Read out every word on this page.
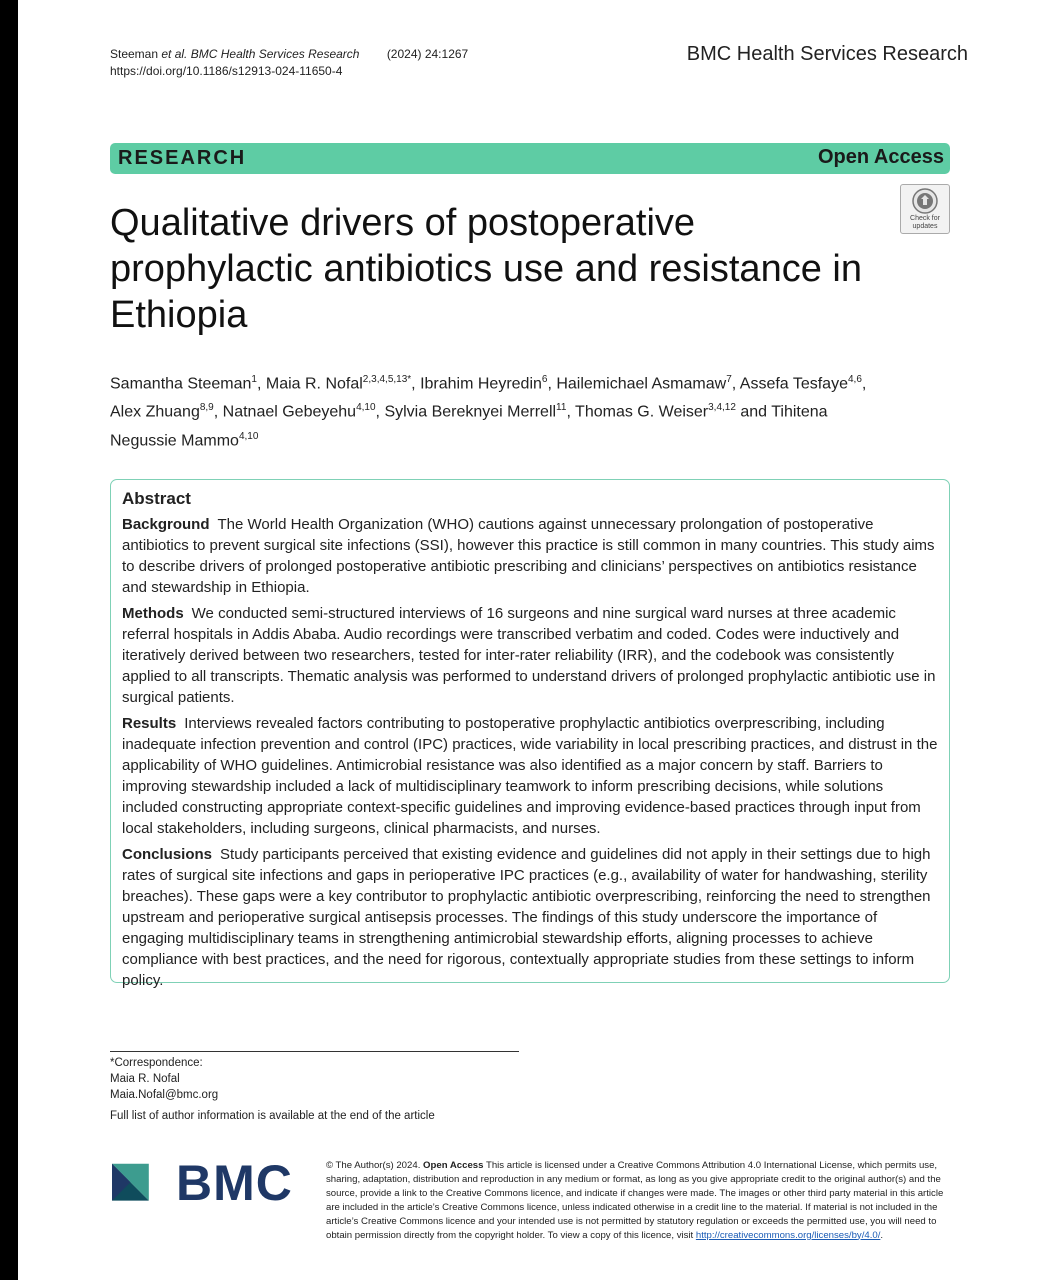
Steeman et al. BMC Health Services Research (2024) 24:1267
https://doi.org/10.1186/s12913-024-11650-4
BMC Health Services Research
RESEARCH	Open Access
Check for updates
Qualitative drivers of postoperative prophylactic antibiotics use and resistance in Ethiopia
Samantha Steeman$^1$, Maia R. Nofal$^{2,3,4,5,13*}$, Ibrahim Heyredin$^6$, Hailemichael Asmamaw$^7$, Assefa Tesfaye$^{4,6}$, Alex Zhuang$^{8,9}$, Natnael Gebeyehu$^{4,10}$, Sylvia Bereknyei Merrell$^{11}$, Thomas G. Weiser$^{3,4,12}$ and Tihitena Negussie Mammo$^{4,10}$
Abstract

Background The World Health Organization (WHO) cautions against unnecessary prolongation of postoperative antibiotics to prevent surgical site infections (SSI), however this practice is still common in many countries. This study aims to describe drivers of prolonged postoperative antibiotic prescribing and clinicians’ perspectives on antibiotics resistance and stewardship in Ethiopia.

Methods We conducted semi-structured interviews of 16 surgeons and nine surgical ward nurses at three academic referral hospitals in Addis Ababa. Audio recordings were transcribed verbatim and coded. Codes were inductively and iteratively derived between two researchers, tested for inter-rater reliability (IRR), and the codebook was consistently applied to all transcripts. Thematic analysis was performed to understand drivers of prolonged prophylactic antibiotic use in surgical patients.

Results Interviews revealed factors contributing to postoperative prophylactic antibiotics overprescribing, including inadequate infection prevention and control (IPC) practices, wide variability in local prescribing practices, and distrust in the applicability of WHO guidelines. Antimicrobial resistance was also identified as a major concern by staff. Barriers to improving stewardship included a lack of multidisciplinary teamwork to inform prescribing decisions, while solutions included constructing appropriate context-specific guidelines and improving evidence-based practices through input from local stakeholders, including surgeons, clinical pharmacists, and nurses.

Conclusions Study participants perceived that existing evidence and guidelines did not apply in their settings due to high rates of surgical site infections and gaps in perioperative IPC practices (e.g., availability of water for handwashing, sterility breaches). These gaps were a key contributor to prophylactic antibiotic overprescribing, reinforcing the need to strengthen upstream and perioperative surgical antisepsis processes. The findings of this study underscore the importance of engaging multidisciplinary teams in strengthening antimicrobial stewardship efforts, aligning processes to achieve compliance with best practices, and the need for rigorous, contextually appropriate studies from these settings to inform policy.

*Correspondence:
Maia R. Nofal
Maia.Nofal@bmc.org
Full list of author information is available at the end of the article
BMC	© The Author(s) 2024. Open Access This article is licensed under a Creative Commons Attribution 4.0 International License, which permits use, sharing, adaptation, distribution and reproduction in any medium or format, as long as you give appropriate credit to the original author(s) and the source, provide a link to the Creative Commons licence, and indicate if changes were made. The images or other third party material in this article are included in the article’s Creative Commons licence, unless indicated otherwise in a credit line to the material. If material is not included in the article’s Creative Commons licence and your intended use is not permitted by statutory regulation or exceeds the permitted use, you will need to obtain permission directly from the copyright holder. To view a copy of this licence, visit http://creativecommons.org/licenses/by/4.0/.
